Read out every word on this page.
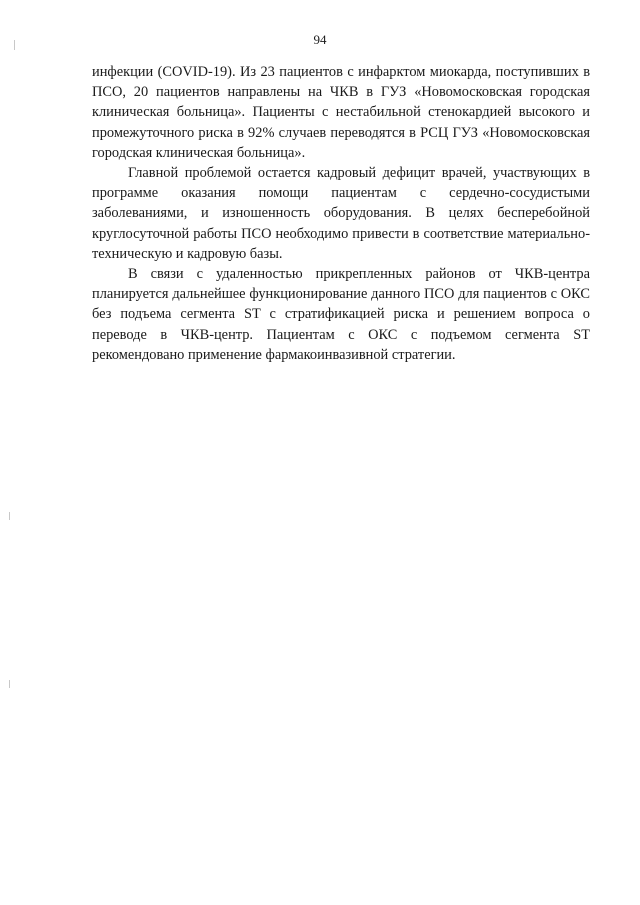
94

инфекции (COVID-19). Из 23 пациентов с инфарктом миокарда, поступивших в ПСО, 20 пациентов направлены на ЧКВ в ГУЗ «Новомосковская городская клиническая больница». Пациенты с нестабильной стенокардией высокого и промежуточного риска в 92% случаев переводятся в РСЦ ГУЗ «Новомосковская городская клиническая больница».

Главной проблемой остается кадровый дефицит врачей, участвующих в программе оказания помощи пациентам с сердечно-сосудистыми заболеваниями, и изношенность оборудования. В целях бесперебойной круглосуточной работы ПСО необходимо привести в соответствие материально- техническую и кадровую базы.

В связи с удаленностью прикрепленных районов от ЧКВ-центра планируется дальнейшее функционирование данного ПСО для пациентов с ОКС без подъема сегмента ST с стратификацией риска и решением вопроса о переводе в ЧКВ-центр. Пациентам с ОКС с подъемом сегмента ST рекомендовано применение фармакоинвазивной стратегии.
